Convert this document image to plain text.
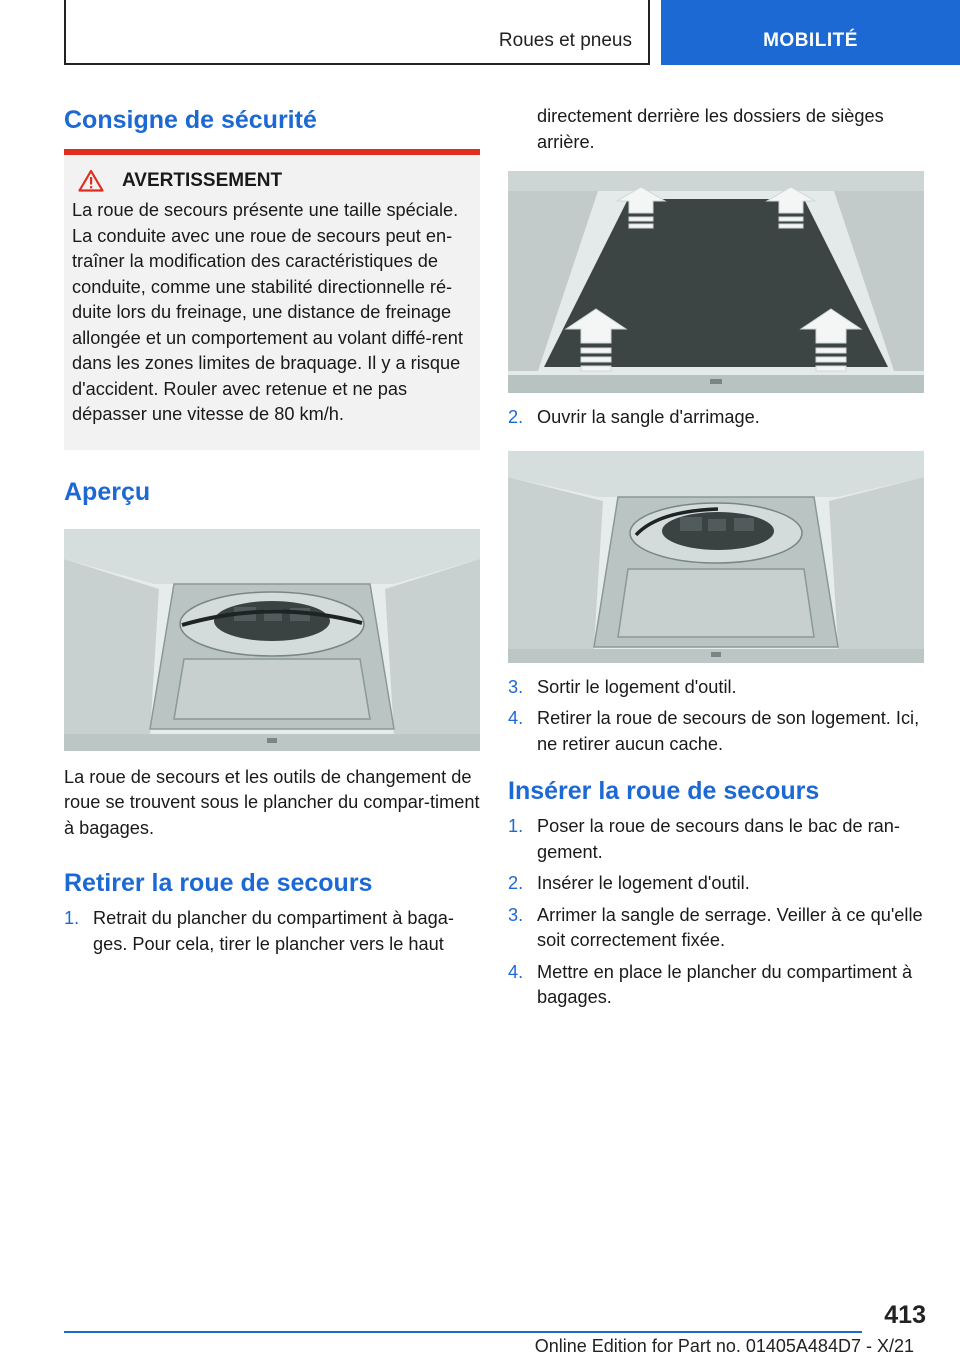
Roues et pneus	MOBILITÉ
Consigne de sécurité
AVERTISSEMENT

La roue de secours présente une taille spéciale. La conduite avec une roue de secours peut en-traîner la modification des caractéristiques de conduite, comme une stabilité directionnelle ré-duite lors du freinage, une distance de freinage allongée et un comportement au volant diffé-rent dans les zones limites de braquage. Il y a risque d'accident. Rouler avec retenue et ne pas dépasser une vitesse de 80 km/h.

Aperçu

La roue de secours et les outils de changement de roue se trouvent sous le plancher du compar-timent à bagages.

Retirer la roue de secours
1. Retrait du plancher du compartiment à baga-ges. Pour cela, tirer le plancher vers le haut

directement derrière les dossiers de sièges arrière.

2. Ouvrir la sangle d'arrimage.
3. Sortir le logement d'outil.
4. Retirer la roue de secours de son logement. Ici, ne retirer aucun cache.
Insérer la roue de secours
1. Poser la roue de secours dans le bac de ran-gement.
2. Insérer le logement d'outil.
3. Arrimer la sangle de serrage. Veiller à ce qu'elle soit correctement fixée.
4. Mettre en place le plancher du compartiment à bagages.
413
Online Edition for Part no. 01405A484D7 - X/21
